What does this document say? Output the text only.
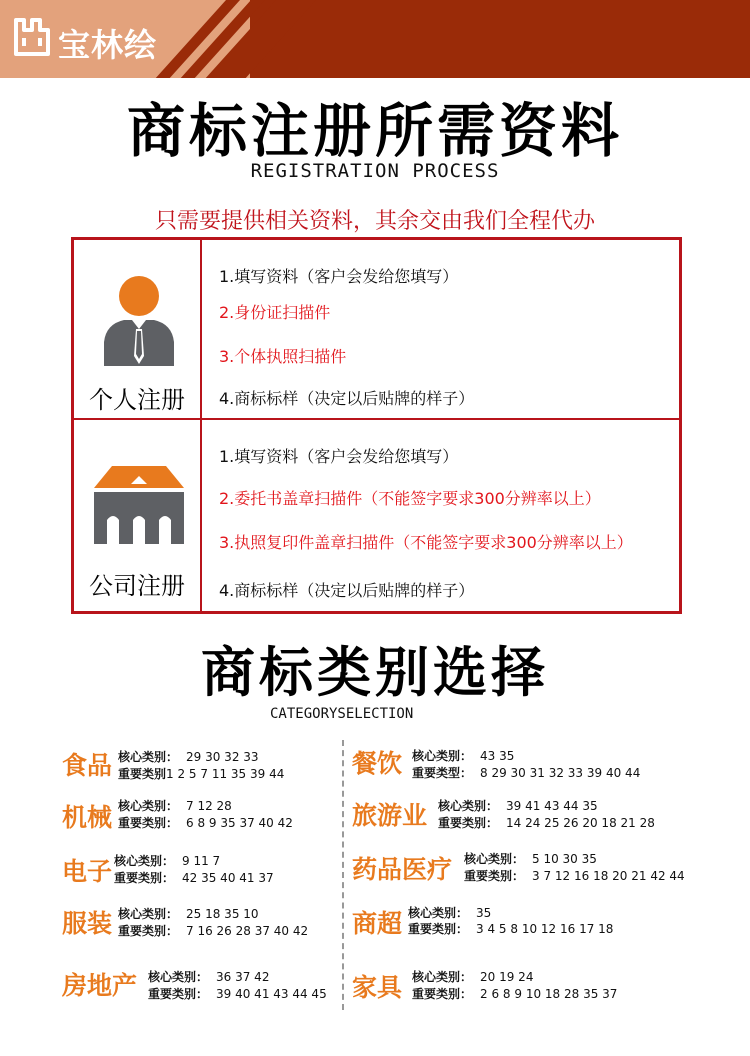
宝林绘
商标注册所需资料
REGISTRATION PROCESS
只需要提供相关资料，其余交由我们全程代办
个人注册
1.填写资料（客户会发给您填写）
2.身份证扫描件
3.个体执照扫描件
4.商标标样（决定以后贴牌的样子）
公司注册
1.填写资料（客户会发给您填写）
2.委托书盖章扫描件（不能签字要求300分辨率以上）
3.执照复印件盖章扫描件（不能签字要求300分辨率以上）
4.商标标样（决定以后贴牌的样子）
商标类别选择
CATEGORYSELECTION
食品 核心类别： 29 30 32 33
重要类别1 2 5 7 11 35 39 44
机械 核心类别： 7 12 28
重要类别： 6 8 9 35 37 40 42
电子 核心类别： 9 11 7
重要类别： 42 35 40 41 37
服装 核心类别： 25 18 35 10
重要类别： 7 16 26 28 37 40 42
房地产 核心类别： 36 37 42
重要类别： 39 40 41 43 44 45
餐饮 核心类别： 43 35
重要类型： 8 29 30 31 32 33 39 40 44
旅游业 核心类别： 39 41 43 44 35
重要类别： 14 24 25 26 20 18 21 28
药品医疗 核心类别： 5 10 30 35
重要类别： 3 7 12 16 18 20 21 42 44
商超 核心类别： 35
重要类别： 3 4 5 8 10 12 16 17 18
家具 核心类别： 20 19 24
重要类别： 2 6 8 9 10 18 28 35 37
